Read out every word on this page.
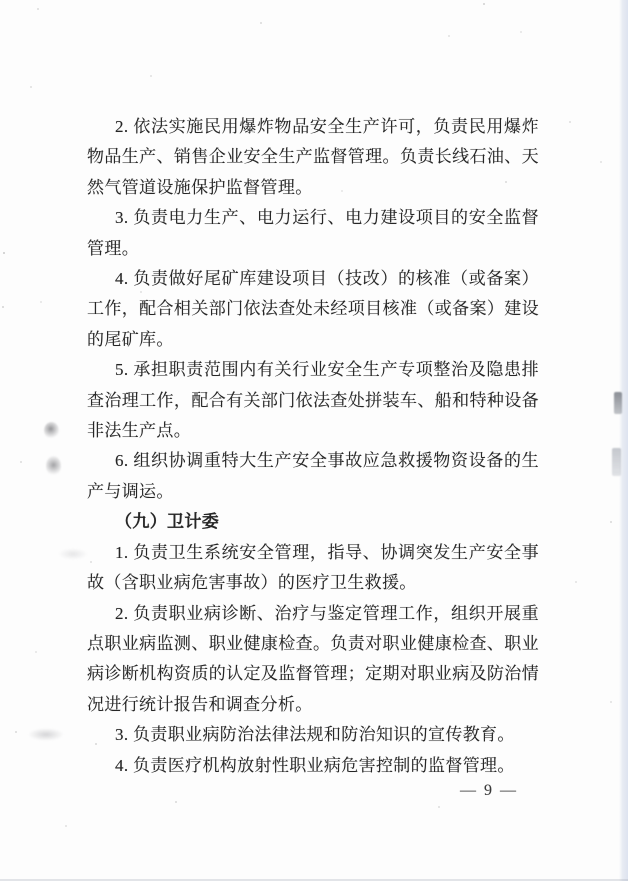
2. 依法实施民用爆炸物品安全生产许可，负责民用爆炸物品生产、销售企业安全生产监督管理。负责长线石油、天然气管道设施保护监督管理。

3. 负责电力生产、电力运行、电力建设项目的安全监督管理。

4. 负责做好尾矿库建设项目（技改）的核准（或备案）工作，配合相关部门依法查处未经项目核准（或备案）建设的尾矿库。

5. 承担职责范围内有关行业安全生产专项整治及隐患排查治理工作，配合有关部门依法查处拼装车、船和特种设备非法生产点。

6. 组织协调重特大生产安全事故应急救援物资设备的生产与调运。

（九）卫计委

1. 负责卫生系统安全管理，指导、协调突发生产安全事故（含职业病危害事故）的医疗卫生救援。

2. 负责职业病诊断、治疗与鉴定管理工作，组织开展重点职业病监测、职业健康检查。负责对职业健康检查、职业病诊断机构资质的认定及监督管理；定期对职业病及防治情况进行统计报告和调查分析。

3. 负责职业病防治法律法规和防治知识的宣传教育。

4. 负责医疗机构放射性职业病危害控制的监督管理。

— 9 —
